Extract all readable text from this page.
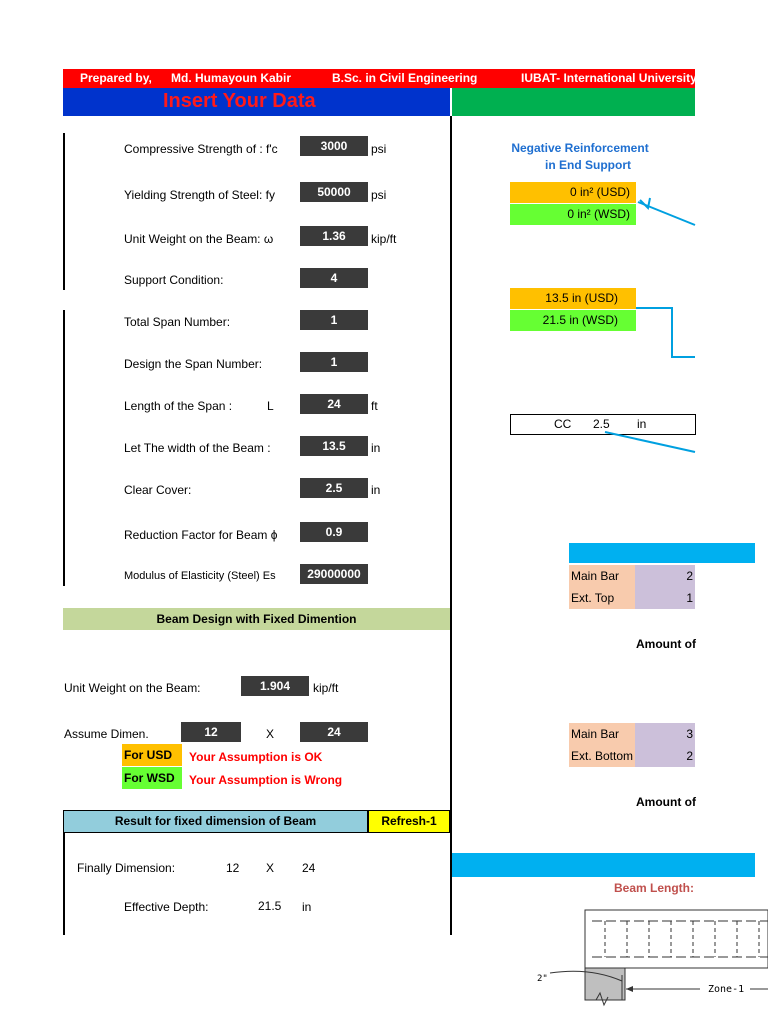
Prepared by, Md. Humayoun Kabir	B.Sc. in Civil Engineering	IUBAT- International University
Insert Your Data
Compressive Strength of : f'c	3000	psi
Yielding Strength of Steel: fy	50000	psi
Unit Weight on the Beam: ω	1.36	kip/ft
Support Condition:	4
Total Span Number:	1
Design the Span Number:	1
Length of the Span :	L	24	ft
Let The width of the Beam :	13.5	in
Clear Cover:	2.5	in
Reduction Factor for Beam ϕ	0.9
Modulus of Elasticity (Steel) Es	29000000
Beam Design with Fixed Dimention
Unit Weight on the Beam:	1.904	kip/ft
Assume Dimen.	12	X	24
For USD	Your Assumption is OK
For WSD	Your Assumption is Wrong
Result for fixed dimension of Beam	Refresh-1
Finally Dimension:	12 X 24
Effective Depth:	21.5 in
Negative Reinforcement
in End Support
0 in² (USD)
0 in² (WSD)
13.5 in (USD)
21.5 in (WSD)
CC 2.5 in
Main Bar	2
Ext. Top	1
Amount of
Main Bar	3
Ext. Bottom	2
Amount of
Beam Length:
2"
Zone-1
